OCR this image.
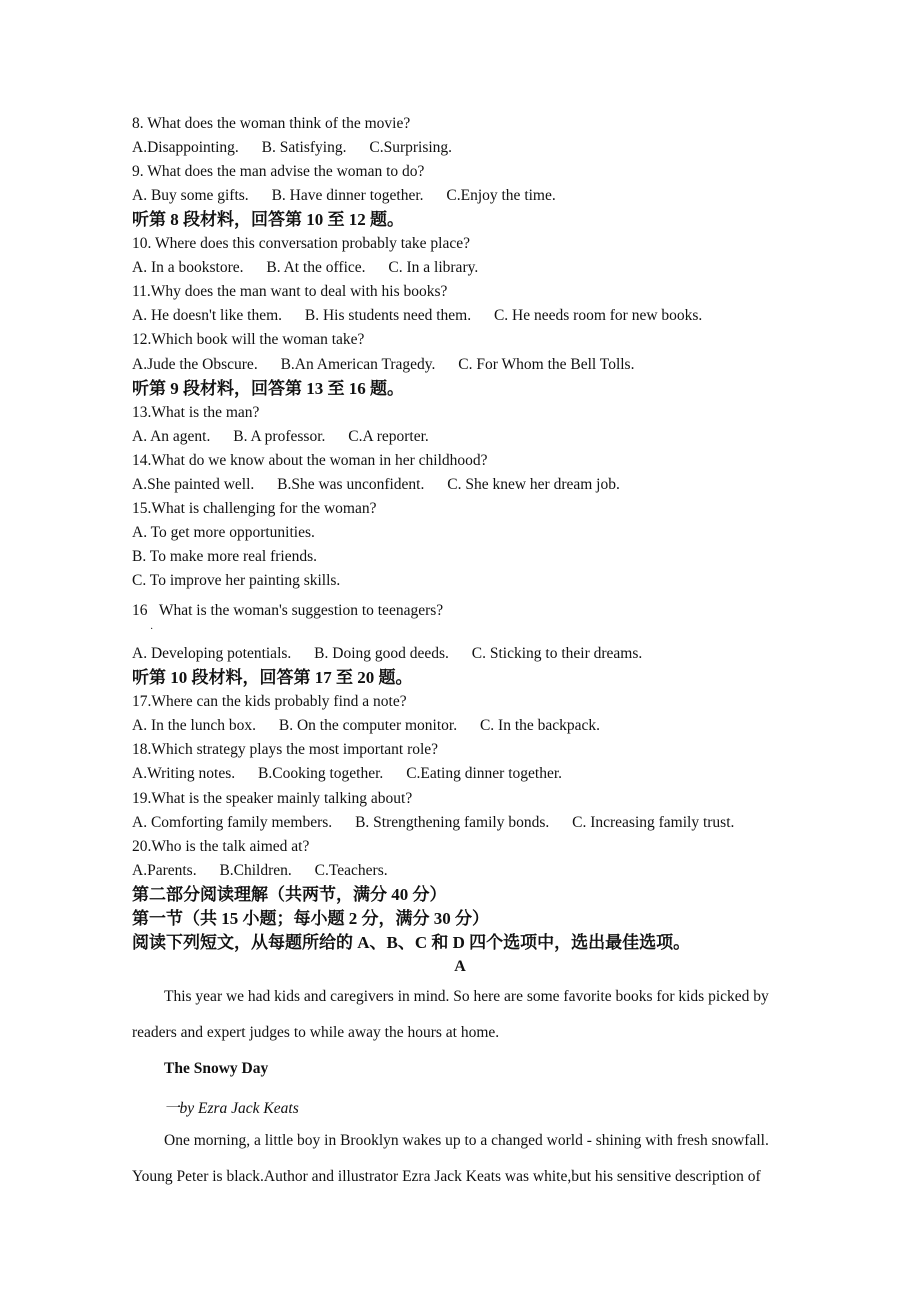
8. What does the woman think of the movie?
A.Disappointing. B. Satisfying. C.Surprising.
9. What does the man advise the woman to do?
A. Buy some gifts. B. Have dinner together. C.Enjoy the time.
听第 8 段材料，回答第 10 至 12 题。
10. Where does this conversation probably take place?
A. In a bookstore. B. At the office. C. In a library.
11.Why does the man want to deal with his books?
A. He doesn't like them. B. His students need them. C. He needs room for new books.
12.Which book will the woman take?
A.Jude the Obscure. B.An American Tragedy. C. For Whom the Bell Tolls.
听第 9 段材料，回答第 13 至 16 题。
13.What is the man?
A. An agent. B. A professor. C.A reporter.
14.What do we know about the woman in her childhood?
A.She painted well. B.She was unconfident. C. She knew her dream job.
15.What is challenging for the woman?
A. To get more opportunities.
B. To make more real friends.
C. To improve her painting skills.
16   What is the woman's suggestion to teenagers?
·
A. Developing potentials. B. Doing good deeds. C. Sticking to their dreams.
听第 10 段材料，回答第 17 至 20 题。
17.Where can the kids probably find a note?
A. In the lunch box. B. On the computer monitor. C. In the backpack.
18.Which strategy plays the most important role?
A.Writing notes. B.Cooking together. C.Eating dinner together.
19.What is the speaker mainly talking about?
A. Comforting family members. B. Strengthening family bonds. C. Increasing family trust.
20.Who is the talk aimed at?
A.Parents. B.Children. C.Teachers.
第二部分阅读理解（共两节，满分 40 分）
第一节（共 15 小题；每小题 2 分，满分 30 分）
阅读下列短文，从每题所给的 A、B、C 和 D 四个选项中，选出最佳选项。
A
This year we had kids and caregivers in mind. So here are some favorite books for kids picked by
readers and expert judges to while away the hours at home.
The Snowy Day
一by Ezra Jack Keats
One morning, a little boy in Brooklyn wakes up to a changed world - shining with fresh snowfall.
Young Peter is black.Author and illustrator Ezra Jack Keats was white,but his sensitive description of
